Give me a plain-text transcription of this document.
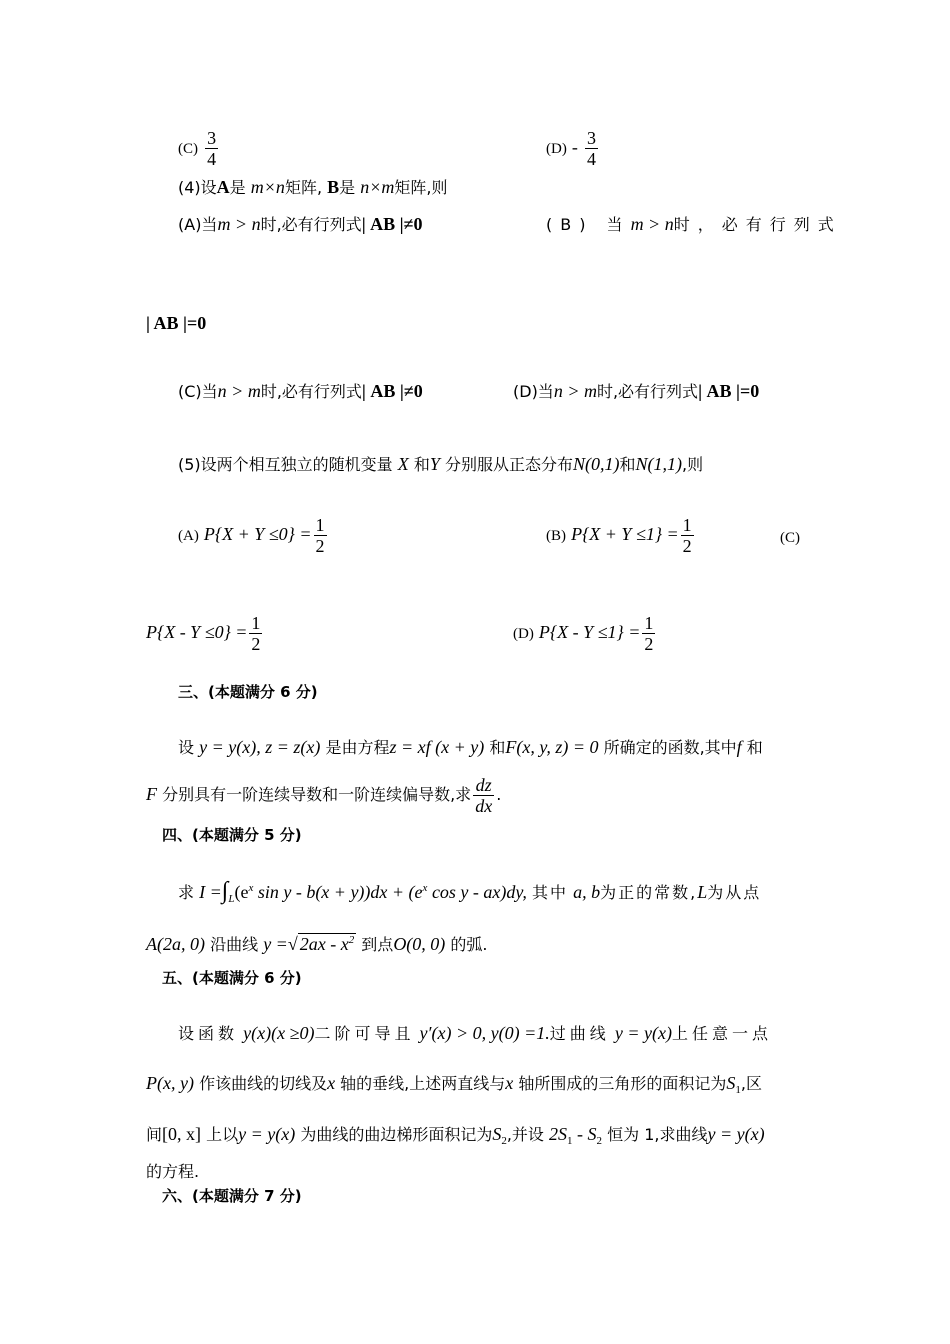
$(C) \frac{3}{4}$	$(D) - \frac{3}{4}$
(4)设A是 m×n矩阵, B是 n×m矩阵,则
(A)当m > n时,必有行列式| AB |≠0	(B) 当m > n时，必有行列式
| AB |=0
(C)当n > m时,必有行列式| AB |≠0	(D)当n > m时,必有行列式| AB |=0
(5)设两个相互独立的随机变量 X 和Y 分别服从正态分布N(0,1)和N(1,1),则
(A) $P\{X + Y \le 0\} = \frac{1}{2}$	(B) $P\{X + Y \le 1\} = \frac{1}{2}$	(C)
$P\{X - Y \le 0\} = \frac{1}{2}$	(D) $P\{X - Y \le 1\} = \frac{1}{2}$
三、(本题满分 6 分)
设 y = y(x), z = z(x) 是由方程z = xf (x + y) 和F(x, y, z) = 0 所确定的函数,其中f 和
F 分别具有一阶连续导数和一阶连续偏导数,求 $\frac{dz}{dx}$ .
四、(本题满分 5 分)
求 $I =\int_L(e^x$ $\sin y - b(x + y))dx + (e^x$ cos y - ax)dy, 其中 a, b为正的常数,L为从点
A(2a, 0) 沿曲线 y =√ $2ax - x^2$ 到点O(0, 0) 的弧.
五、(本题满分 6 分)
设函数 y(x)(x ≥0)二阶可导且 y′(x) > 0, y(0) =1.过曲线 y = y(x)上任意一点
P(x, y) 作该曲线的切线及x 轴的垂线,上述两直线与x 轴所围成的三角形的面积记为$S_1$,区
间[0, x] 上以y = y(x) 为曲线的曲边梯形面积记为$S_2$,并设 $2S_1 - S_2$ 恒为 1,求曲线y = y(x)
的方程.
六、(本题满分 7 分)
